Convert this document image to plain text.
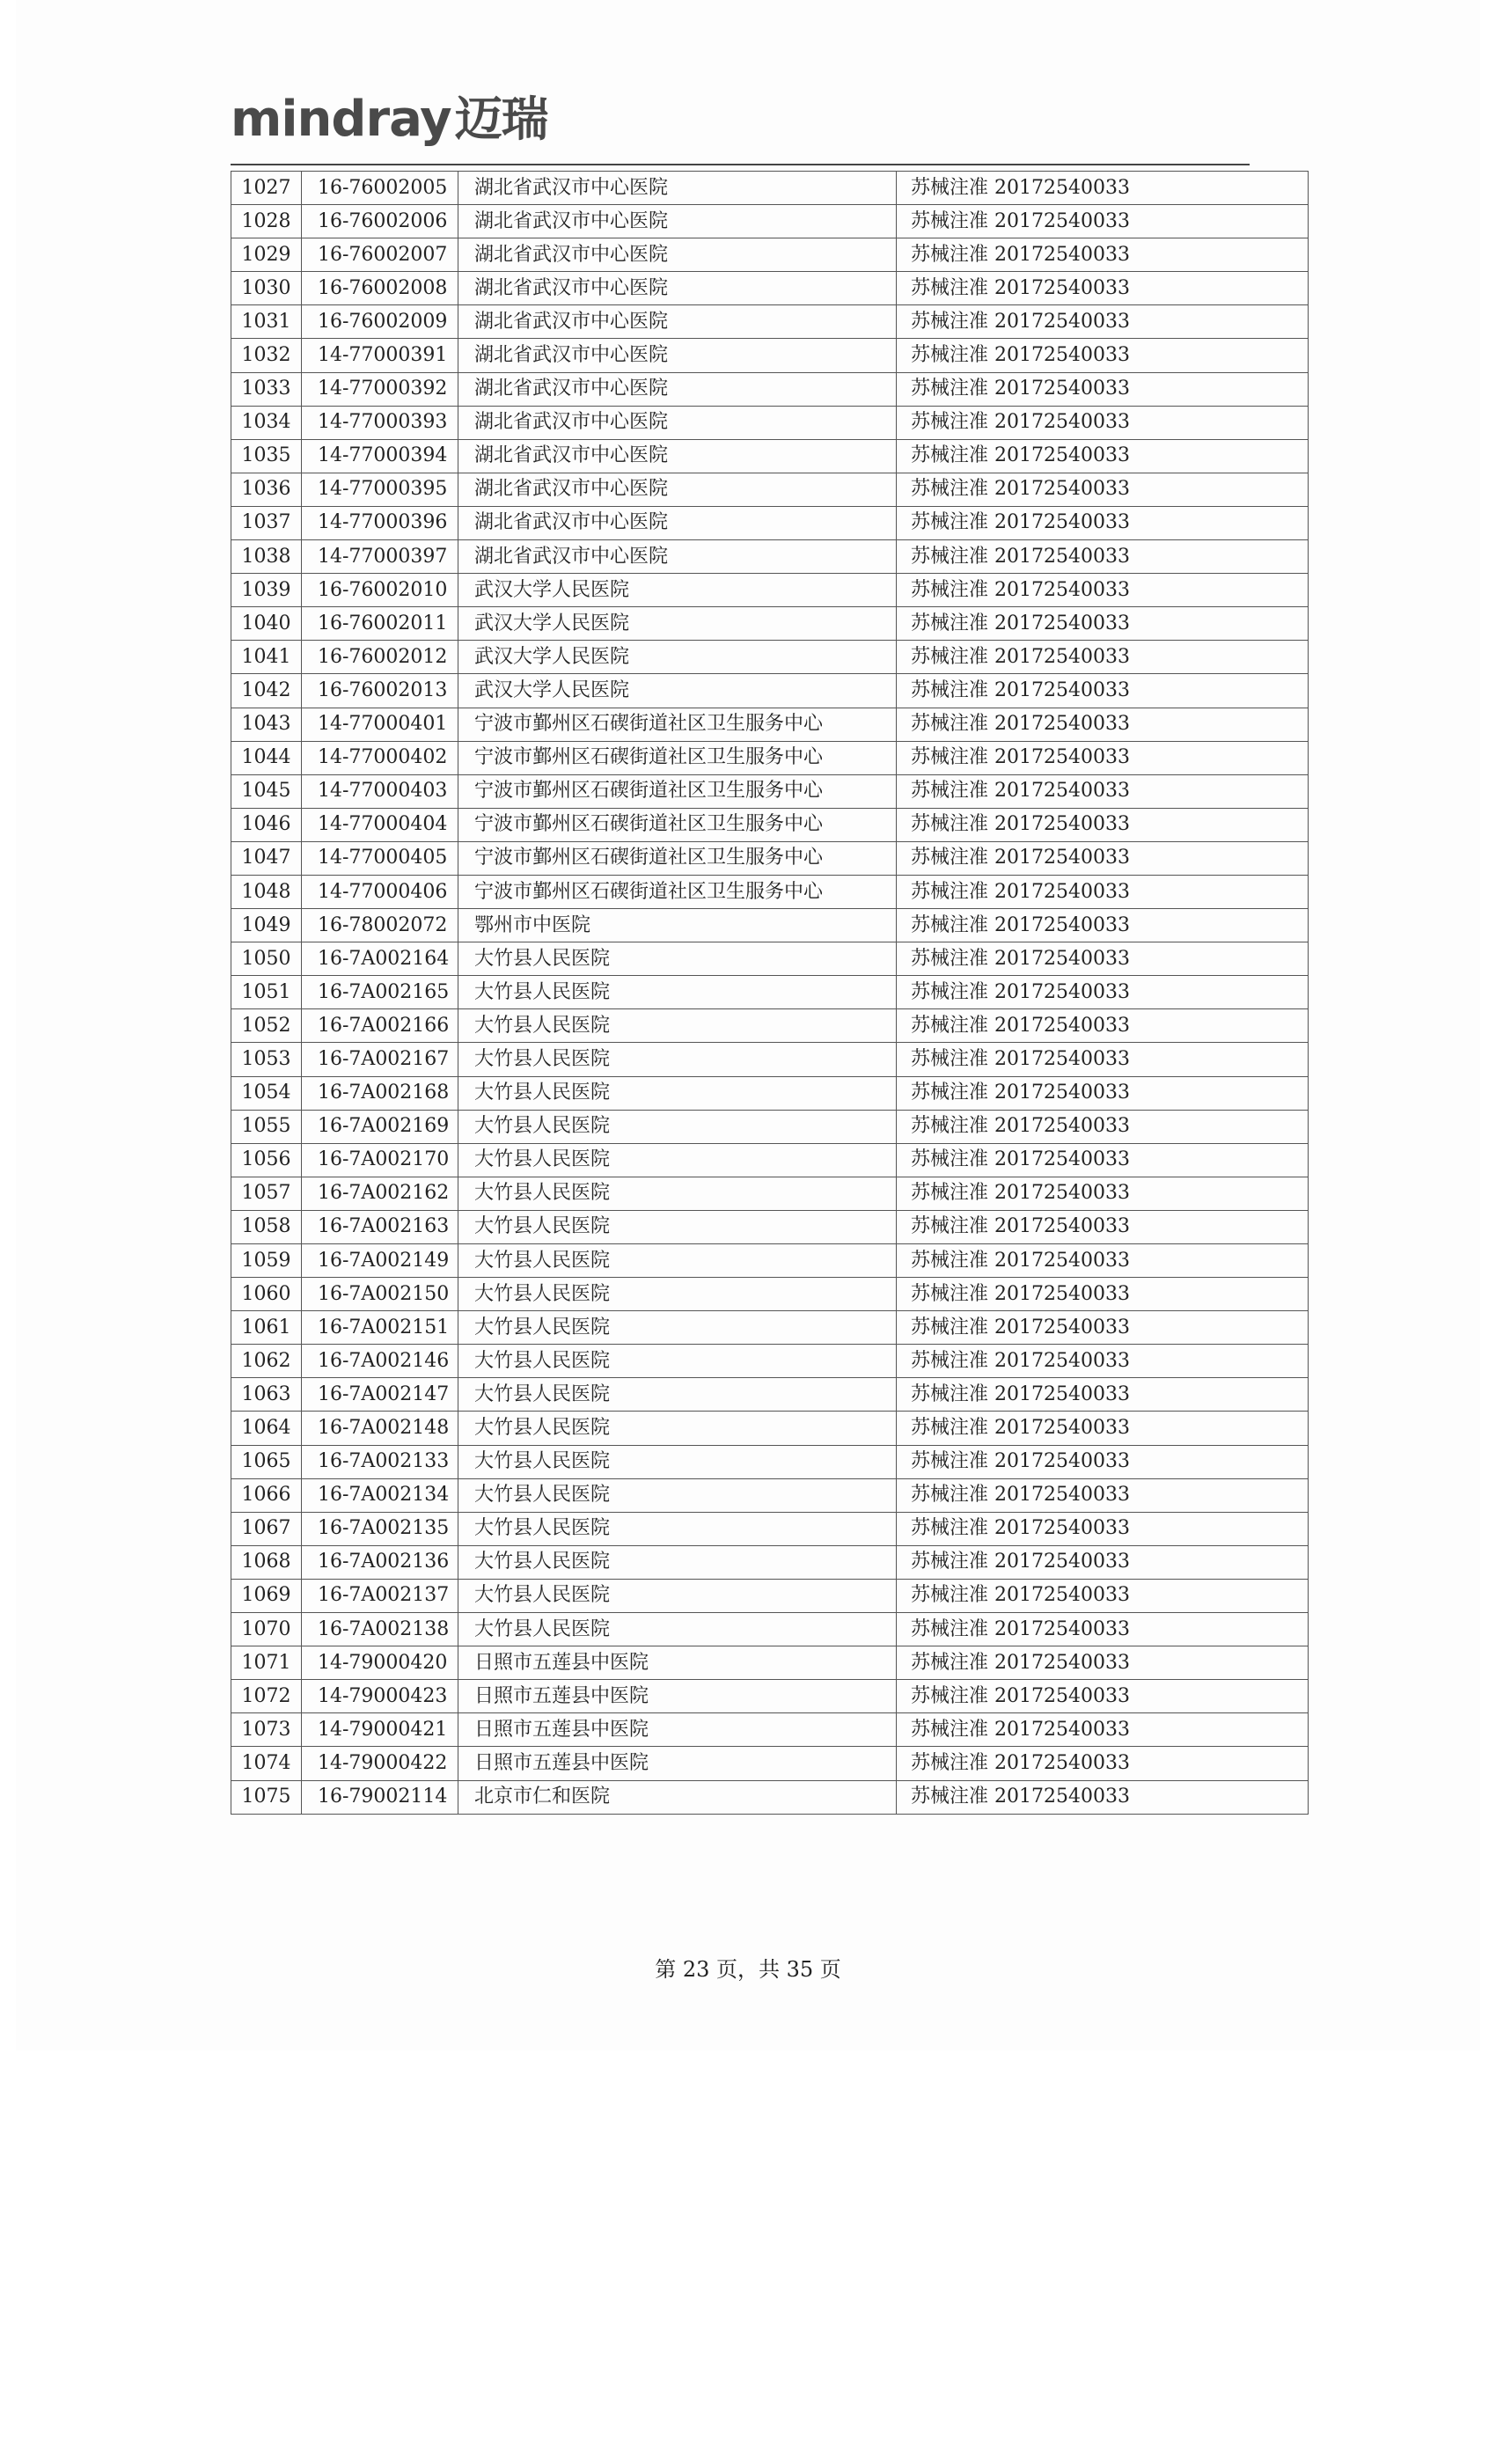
mindray迈瑞
1027	16-76002005	湖北省武汉市中心医院	苏械注准 20172540033
1028	16-76002006	湖北省武汉市中心医院	苏械注准 20172540033
1029	16-76002007	湖北省武汉市中心医院	苏械注准 20172540033
1030	16-76002008	湖北省武汉市中心医院	苏械注准 20172540033
1031	16-76002009	湖北省武汉市中心医院	苏械注准 20172540033
1032	14-77000391	湖北省武汉市中心医院	苏械注准 20172540033
1033	14-77000392	湖北省武汉市中心医院	苏械注准 20172540033
1034	14-77000393	湖北省武汉市中心医院	苏械注准 20172540033
1035	14-77000394	湖北省武汉市中心医院	苏械注准 20172540033
1036	14-77000395	湖北省武汉市中心医院	苏械注准 20172540033
1037	14-77000396	湖北省武汉市中心医院	苏械注准 20172540033
1038	14-77000397	湖北省武汉市中心医院	苏械注准 20172540033
1039	16-76002010	武汉大学人民医院	苏械注准 20172540033
1040	16-76002011	武汉大学人民医院	苏械注准 20172540033
1041	16-76002012	武汉大学人民医院	苏械注准 20172540033
1042	16-76002013	武汉大学人民医院	苏械注准 20172540033
1043	14-77000401	宁波市鄞州区石碶街道社区卫生服务中心	苏械注准 20172540033
1044	14-77000402	宁波市鄞州区石碶街道社区卫生服务中心	苏械注准 20172540033
1045	14-77000403	宁波市鄞州区石碶街道社区卫生服务中心	苏械注准 20172540033
1046	14-77000404	宁波市鄞州区石碶街道社区卫生服务中心	苏械注准 20172540033
1047	14-77000405	宁波市鄞州区石碶街道社区卫生服务中心	苏械注准 20172540033
1048	14-77000406	宁波市鄞州区石碶街道社区卫生服务中心	苏械注准 20172540033
1049	16-78002072	鄂州市中医院	苏械注准 20172540033
1050	16-7A002164	大竹县人民医院	苏械注准 20172540033
1051	16-7A002165	大竹县人民医院	苏械注准 20172540033
1052	16-7A002166	大竹县人民医院	苏械注准 20172540033
1053	16-7A002167	大竹县人民医院	苏械注准 20172540033
1054	16-7A002168	大竹县人民医院	苏械注准 20172540033
1055	16-7A002169	大竹县人民医院	苏械注准 20172540033
1056	16-7A002170	大竹县人民医院	苏械注准 20172540033
1057	16-7A002162	大竹县人民医院	苏械注准 20172540033
1058	16-7A002163	大竹县人民医院	苏械注准 20172540033
1059	16-7A002149	大竹县人民医院	苏械注准 20172540033
1060	16-7A002150	大竹县人民医院	苏械注准 20172540033
1061	16-7A002151	大竹县人民医院	苏械注准 20172540033
1062	16-7A002146	大竹县人民医院	苏械注准 20172540033
1063	16-7A002147	大竹县人民医院	苏械注准 20172540033
1064	16-7A002148	大竹县人民医院	苏械注准 20172540033
1065	16-7A002133	大竹县人民医院	苏械注准 20172540033
1066	16-7A002134	大竹县人民医院	苏械注准 20172540033
1067	16-7A002135	大竹县人民医院	苏械注准 20172540033
1068	16-7A002136	大竹县人民医院	苏械注准 20172540033
1069	16-7A002137	大竹县人民医院	苏械注准 20172540033
1070	16-7A002138	大竹县人民医院	苏械注准 20172540033
1071	14-79000420	日照市五莲县中医院	苏械注准 20172540033
1072	14-79000423	日照市五莲县中医院	苏械注准 20172540033
1073	14-79000421	日照市五莲县中医院	苏械注准 20172540033
1074	14-79000422	日照市五莲县中医院	苏械注准 20172540033
1075	16-79002114	北京市仁和医院	苏械注准 20172540033
第 23 页，共 35 页
